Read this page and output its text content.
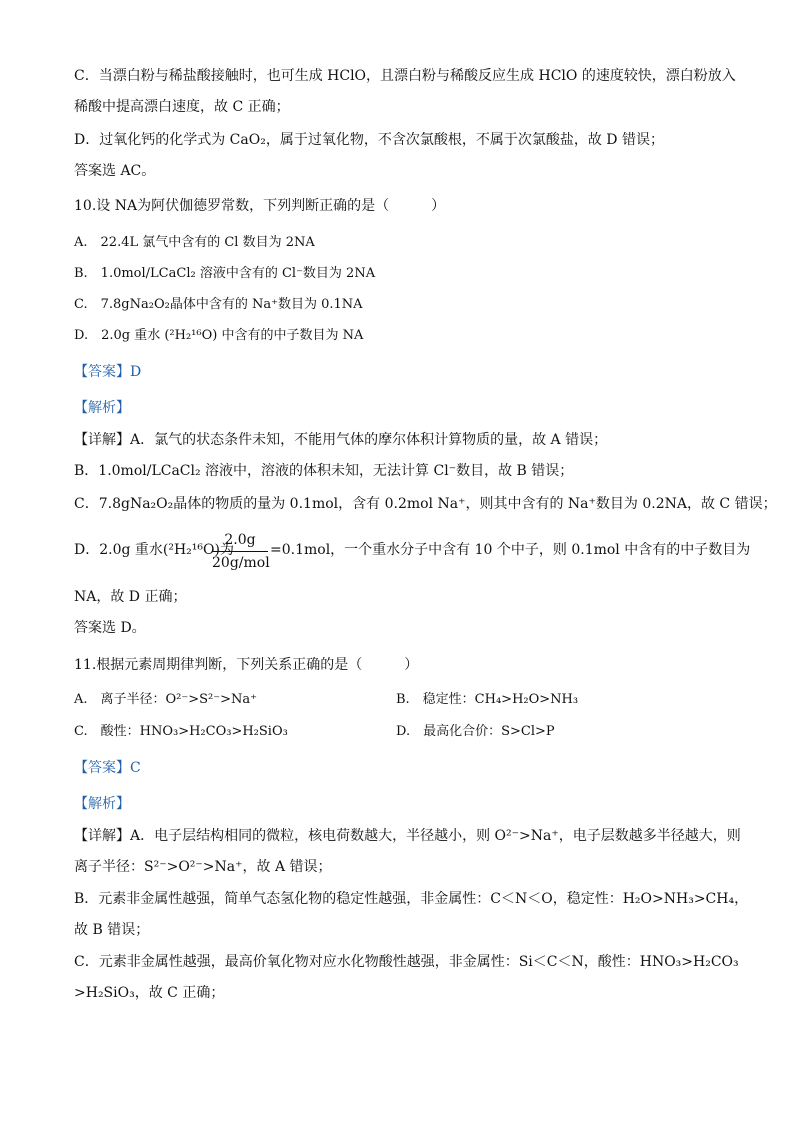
C．当漂白粉与稀盐酸接触时，也可生成 HClO，且漂白粉与稀酸反应生成 HClO 的速度较快，漂白粉放入
稀酸中提高漂白速度，故 C 正确；
D．过氧化钙的化学式为 CaO₂，属于过氧化物，不含次氯酸根，不属于次氯酸盐，故 D 错误；
答案选 AC。
10.设 NA为阿伏伽德罗常数，下列判断正确的是（　　　）
A.　22.4L 氯气中含有的 Cl 数目为 2NA
B.　1.0mol/LCaCl₂ 溶液中含有的 Cl⁻数目为 2NA
C.　7.8gNa₂O₂晶体中含有的 Na⁺数目为 0.1NA
D.　2.0g 重水 (²H₂¹⁶O) 中含有的中子数目为 NA
【答案】D
【解析】
【详解】A．氯气的状态条件未知，不能用气体的摩尔体积计算物质的量，故 A 错误；
B．1.0mol/LCaCl₂ 溶液中，溶液的体积未知，无法计算 Cl⁻数目，故 B 错误；
C．7.8gNa₂O₂晶体的物质的量为 0.1mol，含有 0.2mol Na⁺，则其中含有的 Na⁺数目为 0.2NA，故 C 错误；
D．2.0g 重水(²H₂¹⁶O)为
2.0g
20g/mol
=0.1mol，一个重水分子中含有 10 个中子，则 0.1mol 中含有的中子数目为
NA，故 D 正确；
答案选 D。
11.根据元素周期律判断，下列关系正确的是（　　　）
A.　离子半径：O²⁻>S²⁻>Na⁺	B.　稳定性：CH₄>H₂O>NH₃
C.　酸性：HNO₃>H₂CO₃>H₂SiO₃	D.　最高化合价：S>Cl>P
【答案】C
【解析】
【详解】A．电子层结构相同的微粒，核电荷数越大，半径越小，则 O²⁻>Na⁺，电子层数越多半径越大，则
离子半径：S²⁻>O²⁻>Na⁺，故 A 错误；
B．元素非金属性越强，简单气态氢化物的稳定性越强，非金属性：C＜N＜O，稳定性：H₂O>NH₃>CH₄，
故 B 错误；
C．元素非金属性越强，最高价氧化物对应水化物酸性越强，非金属性：Si＜C＜N，酸性：HNO₃>H₂CO₃
>H₂SiO₃，故 C 正确；
